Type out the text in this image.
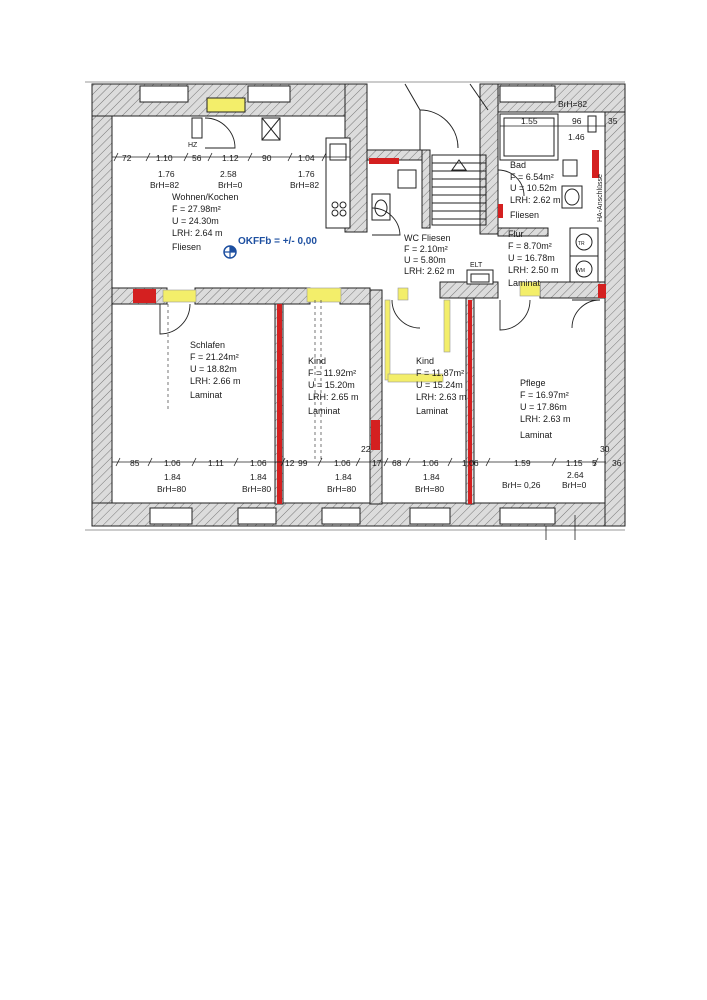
TR
WM
ELT
HZ
Wohnen/Kochen
F = 27.98m²
U = 24.30m
LRH: 2.64 m
Fliesen	OKFFb = +/- 0,00	WC Fliesen
F = 2.10m²
U = 5.80m
LRH: 2.62 m
Bad
F = 6.54m²
U = 10.52m
LRH: 2.62 m
Fliesen
Flur
F = 8.70m²
U = 16.78m
LRH: 2.50 m
Laminat
Schlafen
F = 21.24m²
U = 18.82m
LRH: 2.66 m
Laminat
Kind
F = 11.92m²
U = 15.20m
LRH: 2.65 m
Laminat
Kind
F = 11.87m²
U = 15.24m
LRH: 2.63 m
Laminat
Pflege
F = 16.97m²
U = 17.86m
LRH: 2.63 m
Laminat
72	1.10 56 1.12	90	1.04
1.76
BrH=82
2.58
BrH=0
1.76
BrH=82
1.55	96	35
1.46
BrH=82
HA-Anschlüsse
85	1.06	1.11	1.06 12 99	1.06
22
17 68 1.06	1.06	1.59	1.15 5 36
30
1.84
BrH=80
1.84
BrH=80
1.84
BrH=80
1.84
BrH=80	BrH= 0,26
2.64
BrH=0
